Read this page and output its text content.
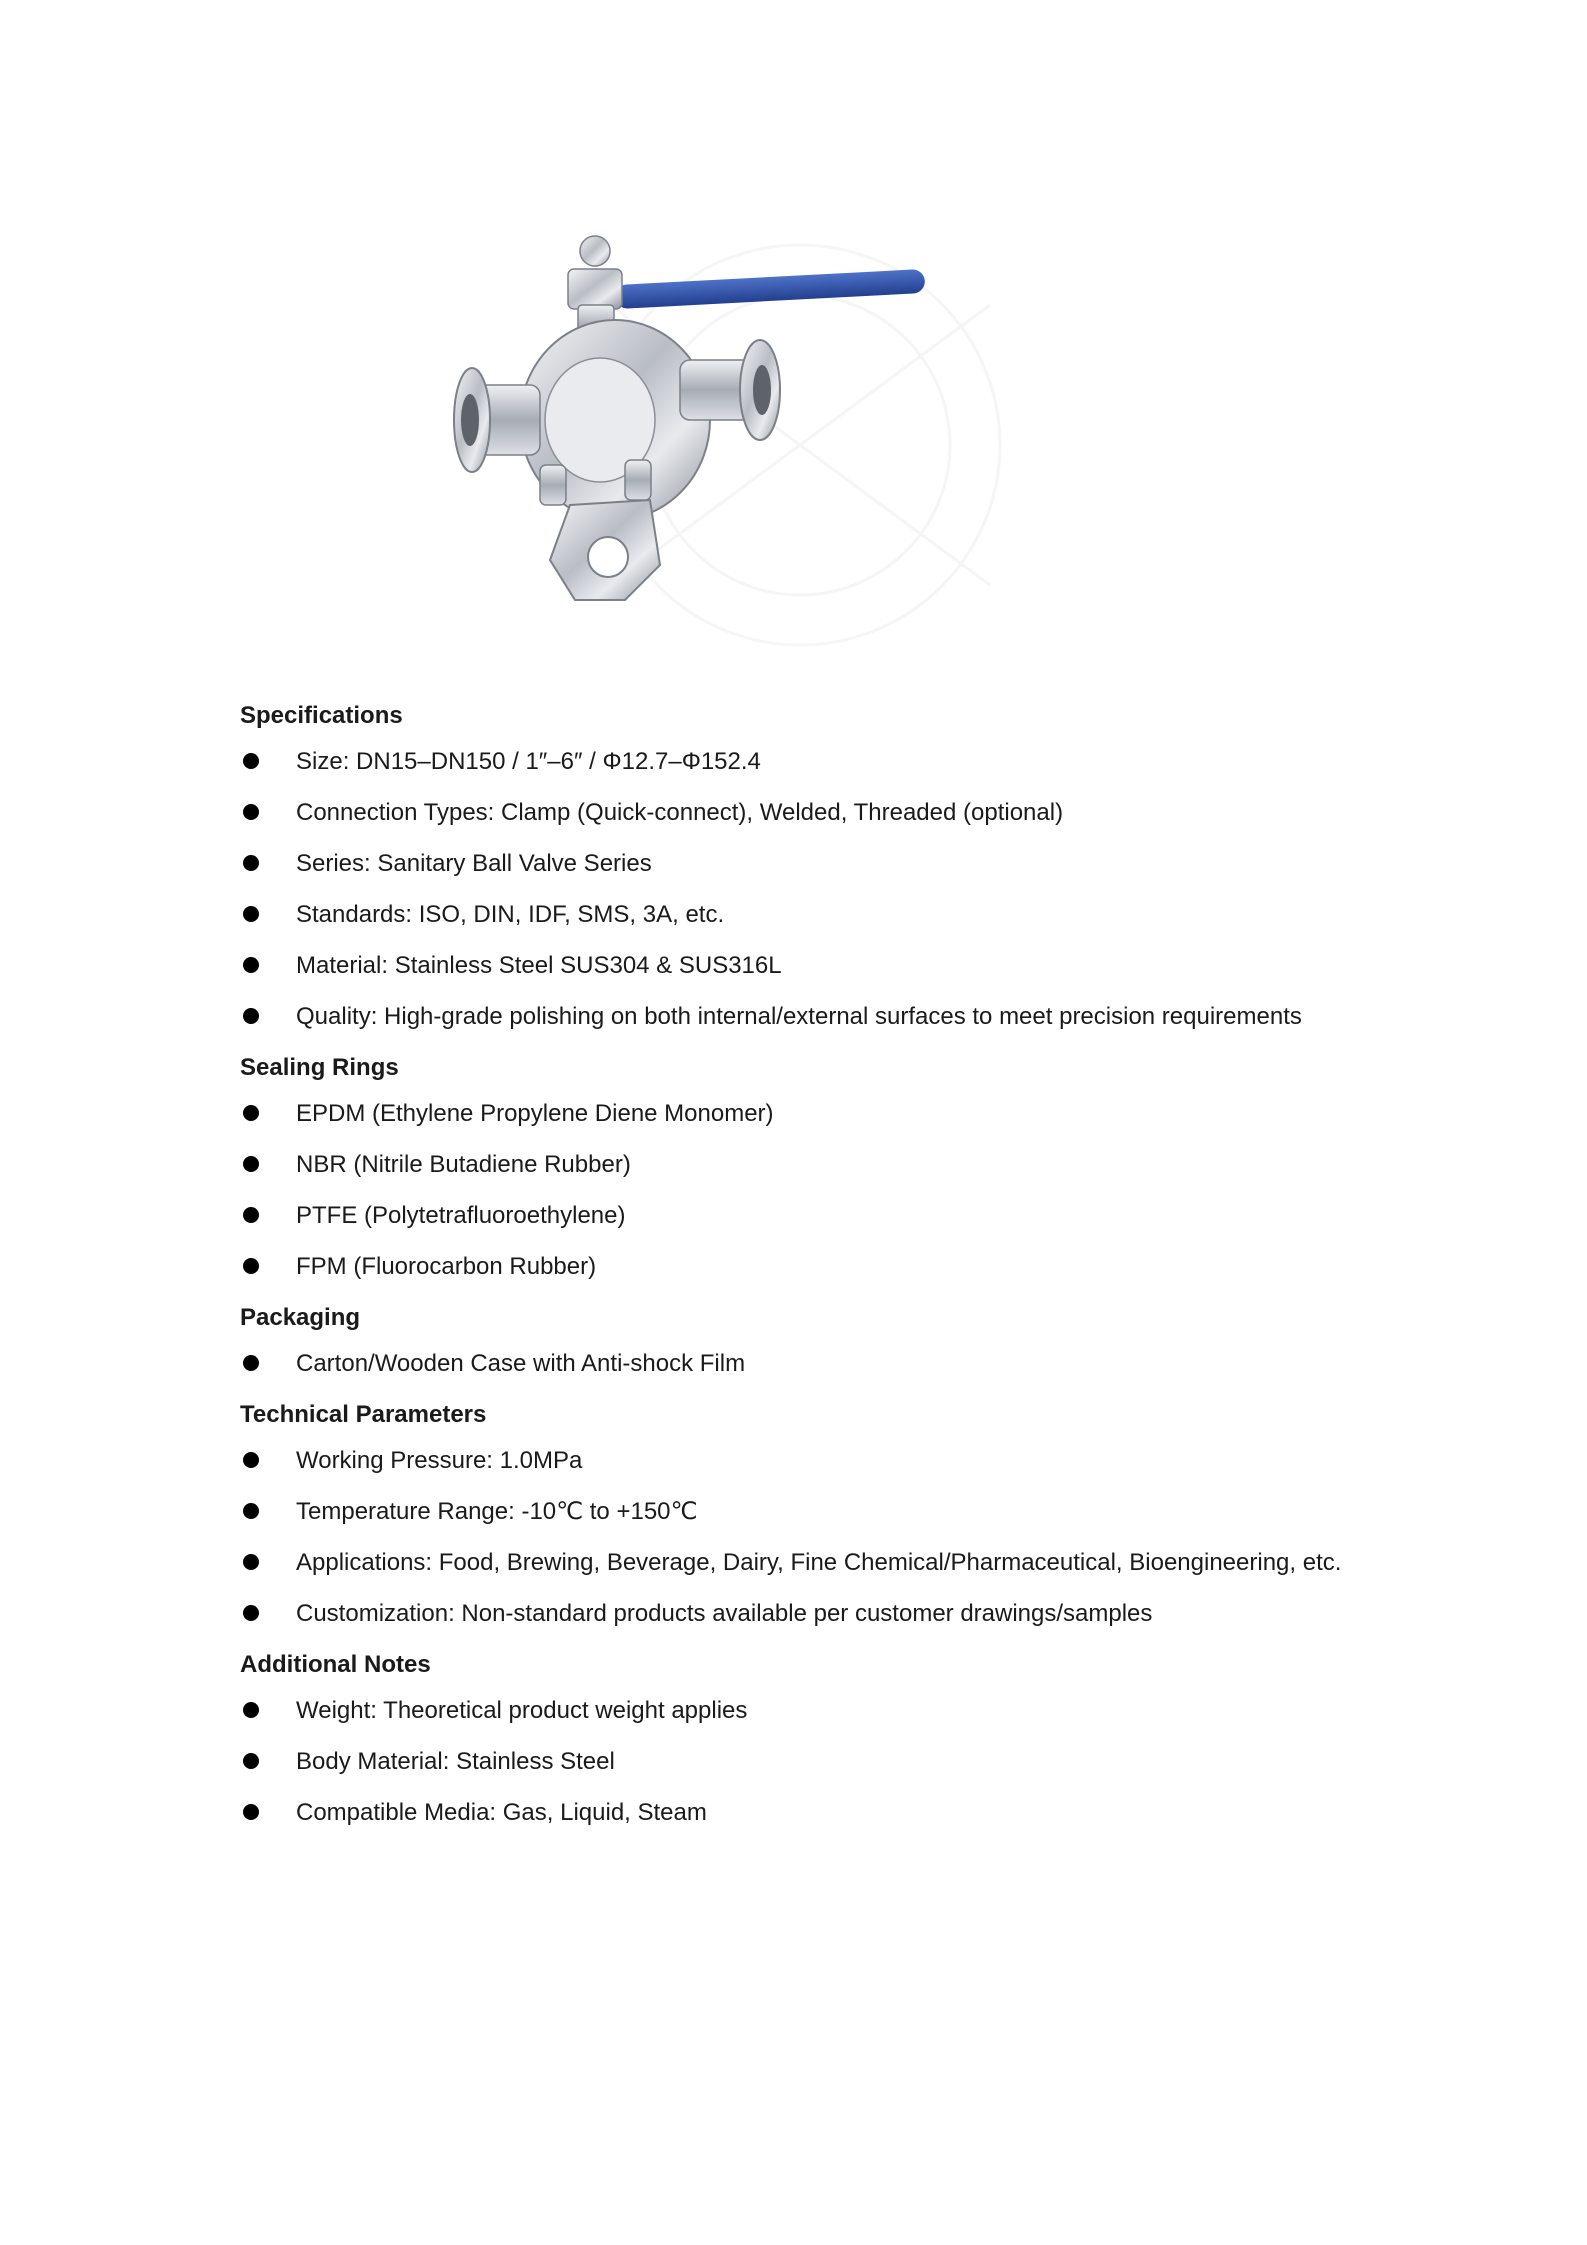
Specifications
Size: DN15–DN150 / 1″–6″ / Φ12.7–Φ152.4
Connection Types: Clamp (Quick-connect), Welded, Threaded (optional)
Series: Sanitary Ball Valve Series
Standards: ISO, DIN, IDF, SMS, 3A, etc.
Material: Stainless Steel SUS304 & SUS316L
Quality: High-grade polishing on both internal/external surfaces to meet precision requirements
Sealing Rings
EPDM (Ethylene Propylene Diene Monomer)
NBR (Nitrile Butadiene Rubber)
PTFE (Polytetrafluoroethylene)
FPM (Fluorocarbon Rubber)
Packaging
Carton/Wooden Case with Anti-shock Film
Technical Parameters
Working Pressure: 1.0MPa
Temperature Range: -10℃ to +150℃
Applications: Food, Brewing, Beverage, Dairy, Fine Chemical/Pharmaceutical, Bioengineering, etc.
Customization: Non-standard products available per customer drawings/samples
Additional Notes
Weight: Theoretical product weight applies
Body Material: Stainless Steel
Compatible Media: Gas, Liquid, Steam
